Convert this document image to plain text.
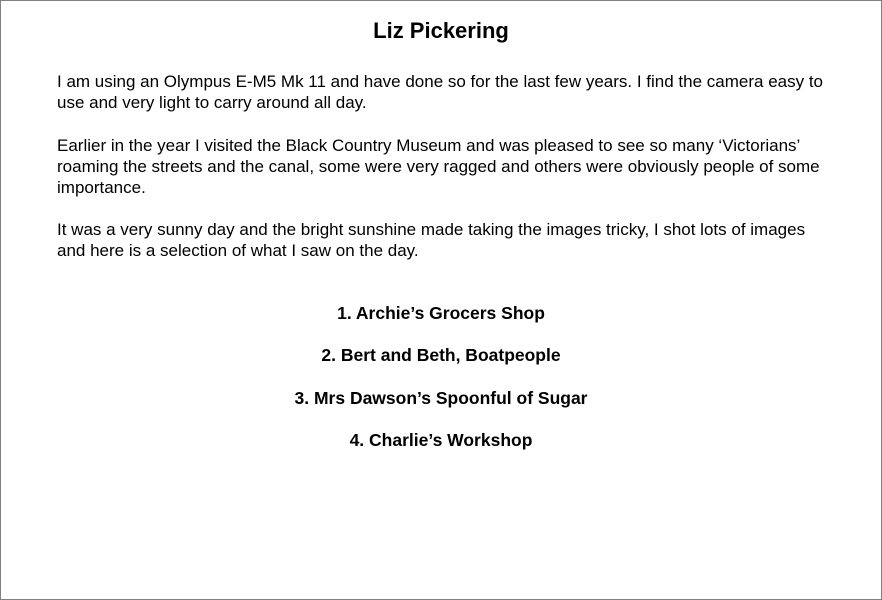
Liz Pickering

I am using an Olympus E-M5 Mk 11 and have done so for the last few years. I find the camera easy to use and very light to carry around all day.

Earlier in the year I visited the Black Country Museum and was pleased to see so many ‘Victorians’ roaming the streets and the canal, some were very ragged and others were obviously people of some importance.

It was a very sunny day and the bright sunshine made taking the images tricky, I shot lots of images and here is a selection of what I saw on the day.

1. Archie’s Grocers Shop
2. Bert and Beth, Boatpeople
3. Mrs Dawson’s Spoonful of Sugar
4. Charlie’s Workshop
